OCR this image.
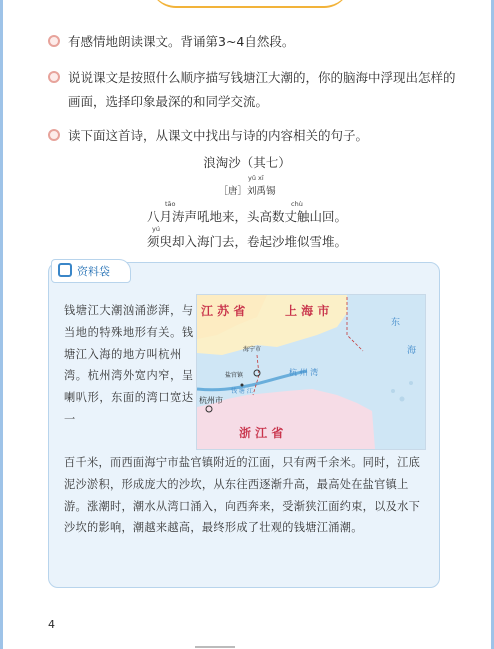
有感情地朗读课文。背诵第3~4自然段。
说说课文是按照什么顺序描写钱塘江大潮的，你的脑海中浮现出怎样的画面，选择印象最深的和同学交流。
读下面这首诗，从课文中找出与诗的内容相关的句子。
浪淘沙（其七）
yǔ xī
［唐］刘禹锡
tāo	chù
八月涛声吼地来，头高数丈触山回。
yú
须臾却入海门去，卷起沙堆似雪堆。
资料袋
钱塘江大潮汹涌澎湃，与当地的特殊地形有关。钱塘江入海的地方叫杭州湾。杭州湾外宽内窄，呈喇叭形，东面的湾口宽达一
百千米，而西面海宁市盐官镇附近的江面，只有两千余米。同时，江底泥沙淤积，形成庞大的沙坎，从东往西逐渐升高，最高处在盐官镇上游。涨潮时，潮水从湾口涌入，向西奔来，受渐狭江面约束，以及水下沙坎的影响，潮越来越高，最终形成了壮观的钱塘江涌潮。
江 苏 省	上 海 市
东
海
海宁市
盐官镇	杭 州 湾
杭州市
钱 塘 江
浙 江 省
4
